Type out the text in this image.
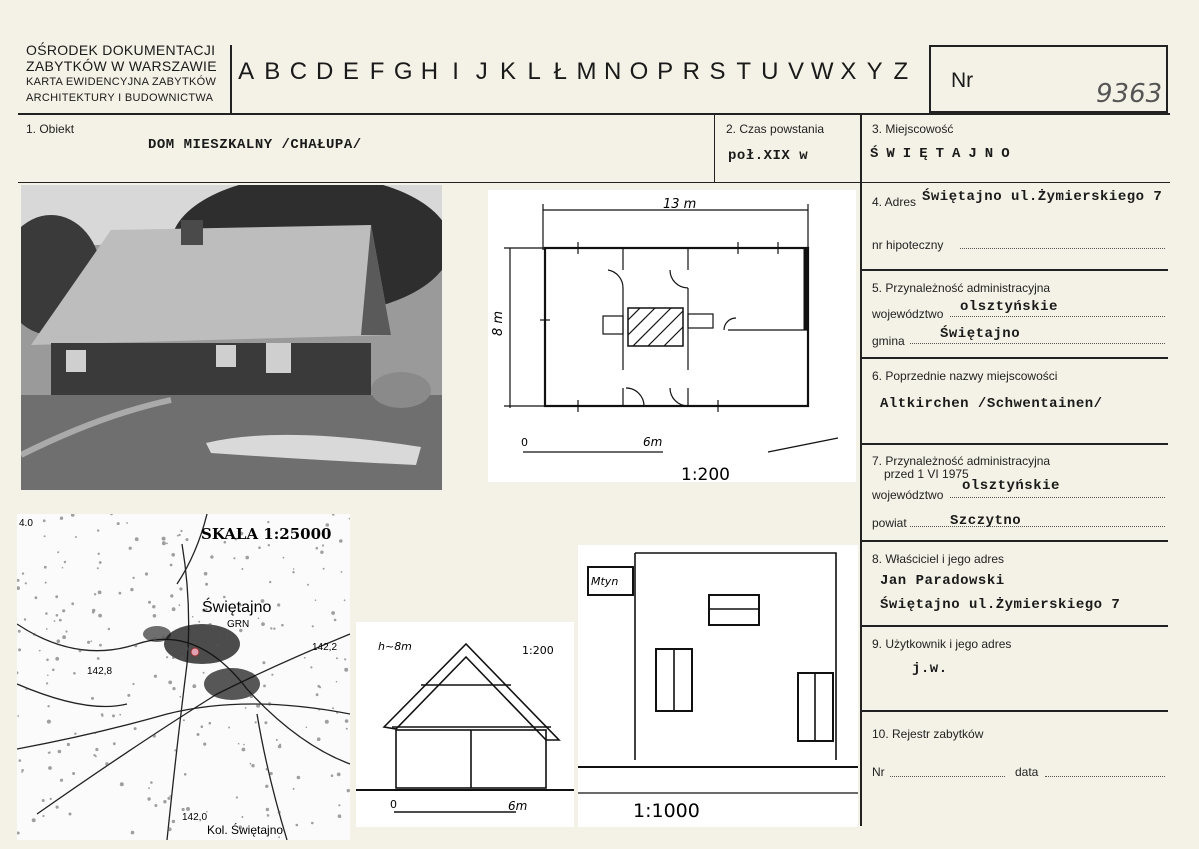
OŚRODEK DOKUMENTACJI
ZABYTKÓW W WARSZAWIE
KARTA EWIDENCYJNA ZABYTKÓW
ARCHITEKTURY I BUDOWNICTWA
A B C D E F G H I J K L Ł M N O P R S T U V W X Y Z Nr	9363
1. Obiekt
DOM MIESZKALNY /CHAŁUPA/
2. Czas powstania
poł.XIX w
3. Miejscowość
ŚWIĘTAJNO
4. Adres Świętajno ul.Żymierskiego 7
nr hipoteczny
5. Przynależność administracyjna
województwo olsztyńskie
gmina	Świętajno
6. Poprzednie nazwy miejscowości
Altkirchen /Schwentainen/
7. Przynależność administracyjna
przed 1 VI 1975
województwo
olsztyńskie
powiat	Szczytno
8. Właściciel i jego adres
Jan Paradowski
Świętajno ul.Żymierskiego 7
9. Użytkownik i jego adres
j.w.
10. Rejestr zabytków
Nr	data
13 m
8 m
0	6m
1:200
SKALA 1:25000
Świętajno
GRN
142,2
142,8
142,0
Kol. Świętajno
4.0
h~8m	1:200
0	6m
Mtyn
1:1000
